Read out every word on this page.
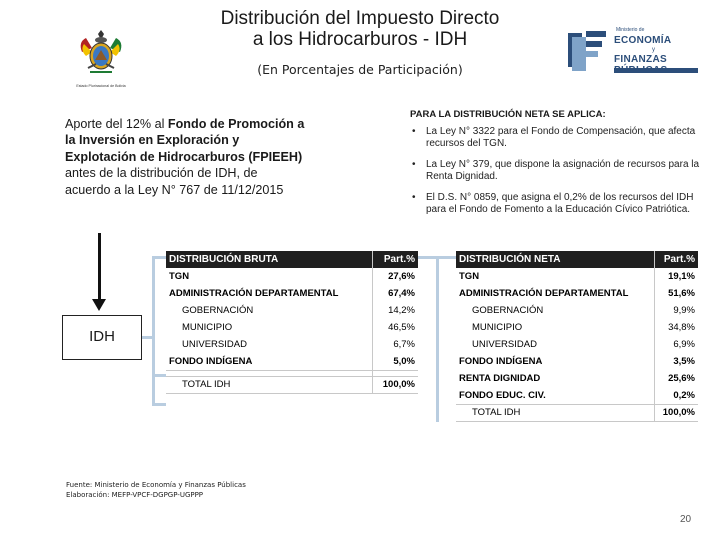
Distribución del Impuesto Directo
a los Hidrocarburos - IDH
(En Porcentajes de Participación)
Estado Plurinacional de Bolivia
Ministerio de
ECONOMÍA
y
FINANZAS
Aporte del 12% al Fondo de Promoción a la Inversión en Exploración y Explotación de Hidrocarburos (FPIEEH) antes de la distribución de IDH, de acuerdo a la Ley N° 767 de 11/12/2015
PARA LA DISTRIBUCIÓN NETA SE APLICA:
• La Ley N° 3322 para el Fondo de Compensación, que afecta recursos del TGN.
• La Ley N° 379, que dispone la asignación de recursos para la Renta Dignidad.
• El D.S. N° 0859, que asigna el 0,2% de los recursos del IDH para el Fondo de Fomento a la Educación Cívico Patriótica.
IDH
DISTRIBUCIÓN BRUTA	Part.%
TGN	27,6%
ADMINISTRACIÓN DEPARTAMENTAL	67,4%
GOBERNACIÓN	14,2%
MUNICIPIO	46,5%
UNIVERSIDAD	6,7%
FONDO INDÍGENA	5,0%

TOTAL IDH	100,0%
DISTRIBUCIÓN NETA	Part.%
TGN	19,1%
ADMINISTRACIÓN DEPARTAMENTAL	51,6%
GOBERNACIÓN	9,9%
MUNICIPIO	34,8%
UNIVERSIDAD	6,9%
FONDO INDÍGENA	3,5%
RENTA DIGNIDAD	25,6%
FONDO EDUC. CIV.	0,2%
TOTAL IDH	100,0%
Fuente: Ministerio de Economía y Finanzas Públicas
Elaboración: MEFP-VPCF-DGPGP-UGPPP
20
